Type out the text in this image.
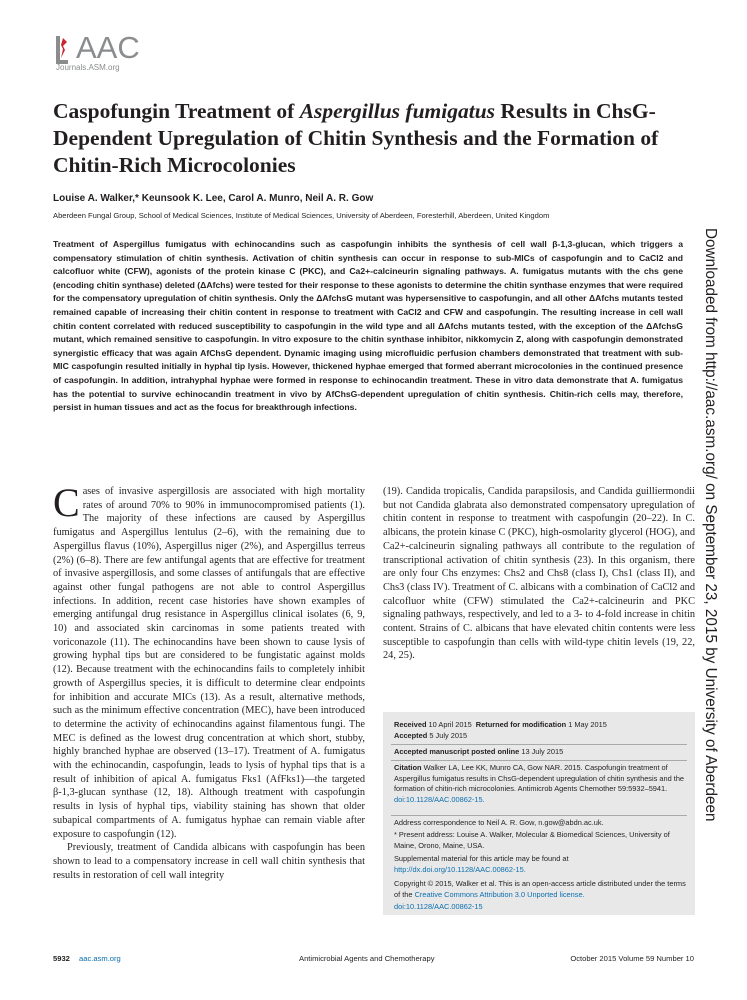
AAC
Journals.ASM.org
Caspofungin Treatment of Aspergillus fumigatus Results in ChsG-Dependent Upregulation of Chitin Synthesis and the Formation of Chitin-Rich Microcolonies
Louise A. Walker,* Keunsook K. Lee, Carol A. Munro, Neil A. R. Gow
Aberdeen Fungal Group, School of Medical Sciences, Institute of Medical Sciences, University of Aberdeen, Foresterhill, Aberdeen, United Kingdom

Treatment of Aspergillus fumigatus with echinocandins such as caspofungin inhibits the synthesis of cell wall β-1,3-glucan, which triggers a compensatory stimulation of chitin synthesis. Activation of chitin synthesis can occur in response to sub-MICs of caspofungin and to CaCl2 and calcofluor white (CFW), agonists of the protein kinase C (PKC), and Ca2+-calcineurin signaling pathways. A. fumigatus mutants with the chs gene (encoding chitin synthase) deleted (ΔAfchs) were tested for their response to these agonists to determine the chitin synthase enzymes that were required for the compensatory upregulation of chitin synthesis. Only the ΔAfchsG mutant was hypersensitive to caspofungin, and all other ΔAfchs mutants tested remained capable of increasing their chitin content in response to treatment with CaCl2 and CFW and caspofungin. The resulting increase in cell wall chitin content correlated with reduced susceptibility to caspofungin in the wild type and all ΔAfchs mutants tested, with the exception of the ΔAfchsG mutant, which remained sensitive to caspofungin. In vitro exposure to the chitin synthase inhibitor, nikkomycin Z, along with caspofungin demonstrated synergistic efficacy that was again AfChsG dependent. Dynamic imaging using microfluidic perfusion chambers demonstrated that treatment with sub-MIC caspofungin resulted initially in hyphal tip lysis. However, thickened hyphae emerged that formed aberrant microcolonies in the continued presence of caspofungin. In addition, intrahyphal hyphae were formed in response to echinocandin treatment. These in vitro data demonstrate that A. fumigatus has the potential to survive echinocandin treatment in vivo by AfChsG-dependent upregulation of chitin synthesis. Chitin-rich cells may, therefore, persist in human tissues and act as the focus for breakthrough infections.

Cases of invasive aspergillosis are associated with high mortality rates of around 70% to 90% in immunocompromised patients (1). The majority of these infections are caused by Aspergillus fumigatus and Aspergillus lentulus (2–6), with the remaining due to Aspergillus flavus (10%), Aspergillus niger (2%), and Aspergillus terreus (2%) (6–8). There are few antifungal agents that are effective for treatment of invasive aspergillosis, and some classes of antifungals that are effective against other fungal pathogens are not able to control Aspergillus infections. In addition, recent case histories have shown examples of emerging antifungal drug resistance in Aspergillus clinical isolates (6, 9, 10) and associated skin carcinomas in some patients treated with voriconazole (11). The echinocandins have been shown to cause lysis of growing hyphal tips but are considered to be fungistatic against molds (12). Because treatment with the echinocandins fails to completely inhibit growth of Aspergillus species, it is difficult to determine clear endpoints for inhibition and accurate MICs (13). As a result, alternative methods, such as the minimum effective concentration (MEC), have been introduced to determine the activity of echinocandins against filamentous fungi. The MEC is defined as the lowest drug concentration at which short, stubby, highly branched hyphae are observed (13–17). Treatment of A. fumigatus with the echinocandin, caspofungin, leads to lysis of hyphal tips that is a result of inhibition of apical A. fumigatus Fks1 (AfFks1)—the targeted β-1,3-glucan synthase (12, 18). Although treatment with caspofungin results in lysis of hyphal tips, viability staining has shown that older subapical compartments of A. fumigatus hyphae can remain viable after exposure to caspofungin (12).

Previously, treatment of Candida albicans with caspofungin has been shown to lead to a compensatory increase in cell wall chitin synthesis that results in restoration of cell wall integrity

(19). Candida tropicalis, Candida parapsilosis, and Candida guilliermondii but not Candida glabrata also demonstrated compensatory upregulation of chitin content in response to treatment with caspofungin (20–22). In C. albicans, the protein kinase C (PKC), high-osmolarity glycerol (HOG), and Ca2+-calcineurin signaling pathways all contribute to the regulation of transcriptional activation of chitin synthesis (23). In this organism, there are only four Chs enzymes: Chs2 and Chs8 (class I), Chs1 (class II), and Chs3 (class IV). Treatment of C. albicans with a combination of CaCl2 and calcofluor white (CFW) stimulated the Ca2+-calcineurin and PKC signaling pathways, respectively, and led to a 3- to 4-fold increase in chitin content. Strains of C. albicans that have elevated chitin contents were less susceptible to caspofungin than cells with wild-type chitin levels (19, 22, 24, 25).

Received 10 April 2015 Returned for modification 1 May 2015
Accepted 5 July 2015
Accepted manuscript posted online 13 July 2015
Citation Walker LA, Lee KK, Munro CA, Gow NAR. 2015. Caspofungin treatment of Aspergillus fumigatus results in ChsG-dependent upregulation of chitin synthesis and the formation of chitin-rich microcolonies. Antimicrob Agents Chemother 59:5932–5941. doi:10.1128/AAC.00862-15.
Address correspondence to Neil A. R. Gow, n.gow@abdn.ac.uk.
* Present address: Louise A. Walker, Molecular & Biomedical Sciences, University of Maine, Orono, Maine, USA.
Supplemental material for this article may be found at http://dx.doi.org/10.1128/AAC.00862-15.
Copyright © 2015, Walker et al. This is an open-access article distributed under the terms of the Creative Commons Attribution 3.0 Unported license.
doi:10.1128/AAC.00862-15
Downloaded from http://aac.asm.org/ on September 23, 2015 by University of Aberdeen
5932 aac.asm.org	Antimicrobial Agents and Chemotherapy	October 2015 Volume 59 Number 10
